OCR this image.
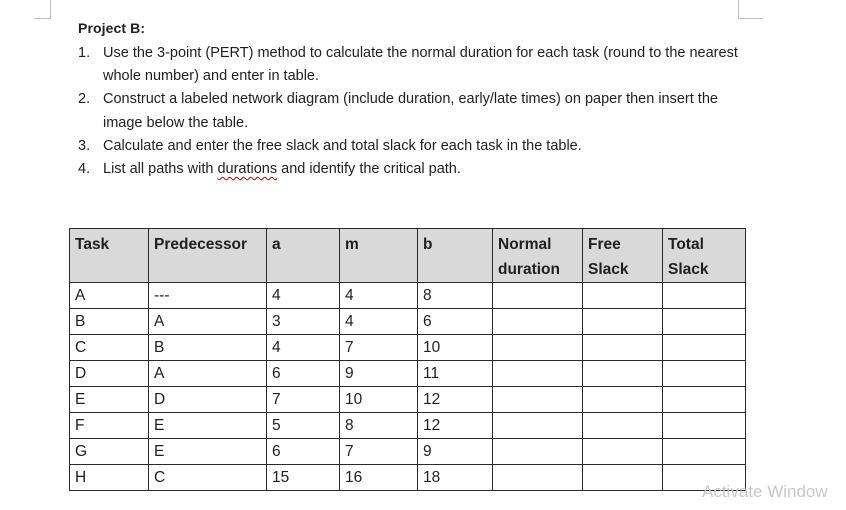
Project B:
1. Use the 3-point (PERT) method to calculate the normal duration for each task (round to the nearest whole number) and enter in table.
2. Construct a labeled network diagram (include duration, early/late times) on paper then insert the image below the table.
3. Calculate and enter the free slack and total slack for each task in the table.
4. List all paths with durations and identify the critical path.
Task	Predecessor	a	m	b	Normal duration	Free Slack	Total Slack
A	---	4	4	8			
B	A	3	4	6			
C	B	4	7	10			
D	A	6	9	11			
E	D	7	10	12			
F	E	5	8	12			
G	E	6	7	9			
H	C	15	16	18			
Activate Window
